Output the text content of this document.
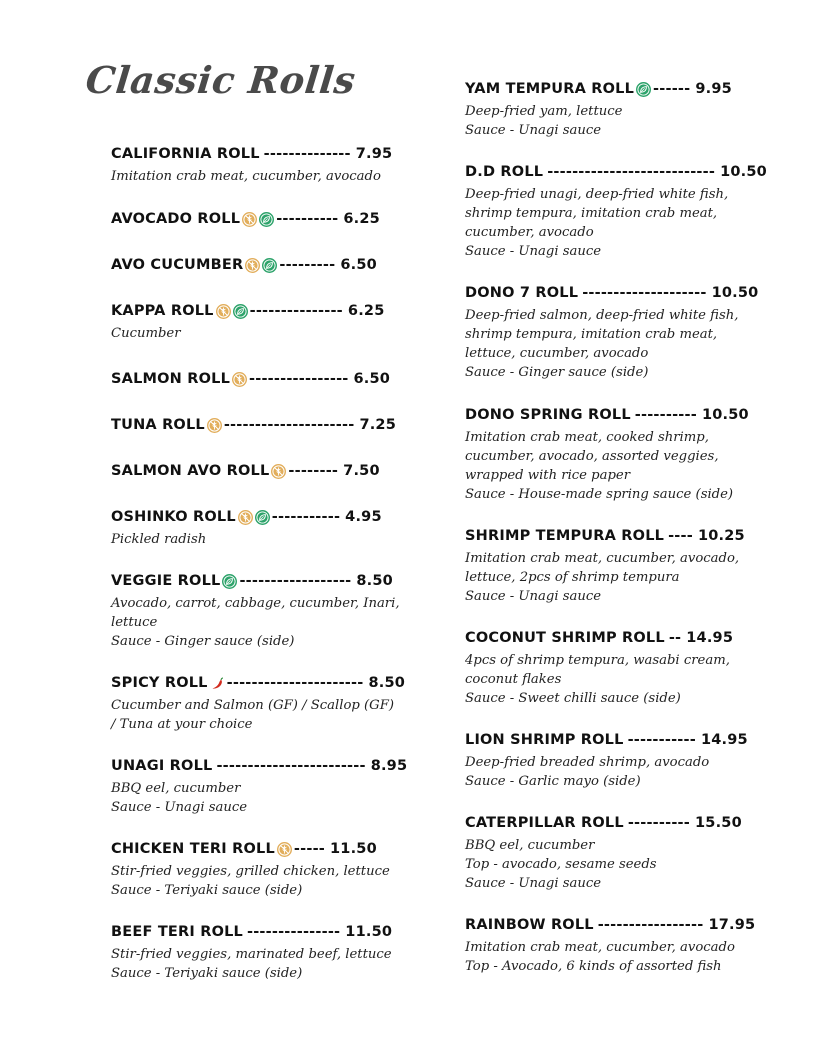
Classic Rolls
CALIFORNIA ROLL -------------- 7.95
Imitation crab meat, cucumber, avocado
AVOCADO ROLL ---------- 6.25
AVO CUCUMBER --------- 6.50
KAPPA ROLL --------------- 6.25
Cucumber
SALMON ROLL ---------------- 6.50
TUNA ROLL --------------------- 7.25
SALMON AVO ROLL -------- 7.50
OSHINKO ROLL ----------- 4.95
Pickled radish
VEGGIE ROLL ------------------ 8.50
Avocado, carrot, cabbage, cucumber, Inari,
lettuce
Sauce - Ginger sauce (side)
SPICY ROLL ---------------------- 8.50
Cucumber and Salmon (GF) / Scallop (GF)
/ Tuna at your choice
UNAGI ROLL ------------------------ 8.95
BBQ eel, cucumber
Sauce - Unagi sauce
CHICKEN TERI ROLL ----- 11.50
Stir-fried veggies, grilled chicken, lettuce
Sauce - Teriyaki sauce (side)
BEEF TERI ROLL --------------- 11.50
Stir-fried veggies, marinated beef, lettuce
Sauce - Teriyaki sauce (side)
YAM TEMPURA ROLL ------ 9.95
Deep-fried yam, lettuce
Sauce - Unagi sauce
D.D ROLL --------------------------- 10.50
Deep-fried unagi, deep-fried white fish,
shrimp tempura, imitation crab meat,
cucumber, avocado
Sauce - Unagi sauce
DONO 7 ROLL -------------------- 10.50
Deep-fried salmon, deep-fried white fish,
shrimp tempura, imitation crab meat,
lettuce, cucumber, avocado
Sauce - Ginger sauce (side)
DONO SPRING ROLL ---------- 10.50
Imitation crab meat, cooked shrimp,
cucumber, avocado, assorted veggies,
wrapped with rice paper
Sauce - House-made spring sauce (side)
SHRIMP TEMPURA ROLL ---- 10.25
Imitation crab meat, cucumber, avocado,
lettuce, 2pcs of shrimp tempura
Sauce - Unagi sauce
COCONUT SHRIMP ROLL -- 14.95
4pcs of shrimp tempura, wasabi cream,
coconut flakes
Sauce - Sweet chilli sauce (side)
LION SHRIMP ROLL ----------- 14.95
Deep-fried breaded shrimp, avocado
Sauce - Garlic mayo (side)
CATERPILLAR ROLL ---------- 15.50
BBQ eel, cucumber
Top - avocado, sesame seeds
Sauce - Unagi sauce
RAINBOW ROLL ----------------- 17.95
Imitation crab meat, cucumber, avocado
Top - Avocado, 6 kinds of assorted fish
